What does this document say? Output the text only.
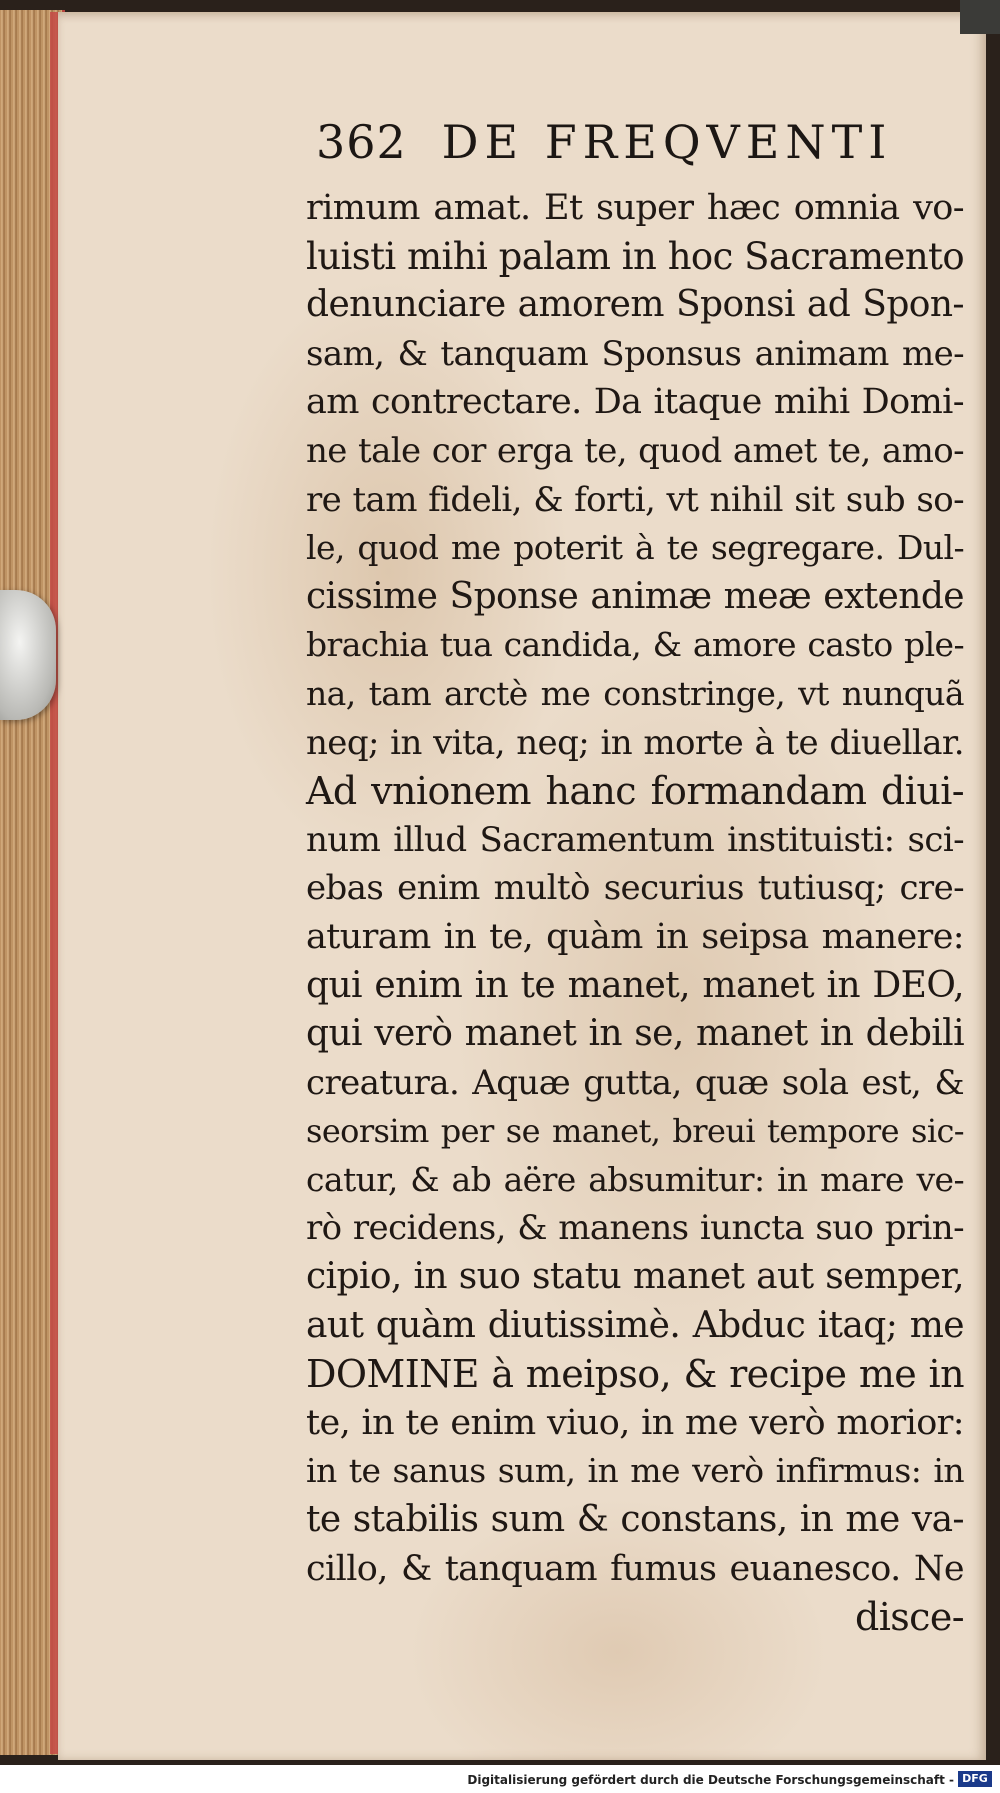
362 DE FREQVENTI
rimum amat. Et super hæc omnia vo-
luisti mihi palam in hoc Sacramento
denunciare amorem Sponsi ad Spon-
sam, & tanquam Sponsus animam me-
am contrectare. Da itaque mihi Domi-
ne tale cor erga te, quod amet te, amo-
re tam fideli, & forti, vt nihil sit sub so-
le, quod me poterit à te segregare. Dul-
cissime Sponse animæ meæ extende
brachia tua candida, & amore casto ple-
na, tam arctè me constringe, vt nunquã
neq; in vita, neq; in morte à te diuellar.
Ad vnionem hanc formandam diui-
num illud Sacramentum instituisti: sci-
ebas enim multò securius tutiusq; cre-
aturam in te, quàm in seipsa manere:
qui enim in te manet, manet in DEO,
qui verò manet in se, manet in debili
creatura. Aquæ gutta, quæ sola est, &
seorsim per se manet, breui tempore sic-
catur, & ab aëre absumitur: in mare ve-
rò recidens, & manens iuncta suo prin-
cipio, in suo statu manet aut semper,
aut quàm diutissimè. Abduc itaq; me
DOMINE à meipso, & recipe me in
te, in te enim viuo, in me verò morior:
in te sanus sum, in me verò infirmus: in
te stabilis sum & constans, in me va-
cillo, & tanquam fumus euanesco. Ne
disce-
Digitalisierung gefördert durch die Deutsche Forschungsgemeinschaft - DFG
